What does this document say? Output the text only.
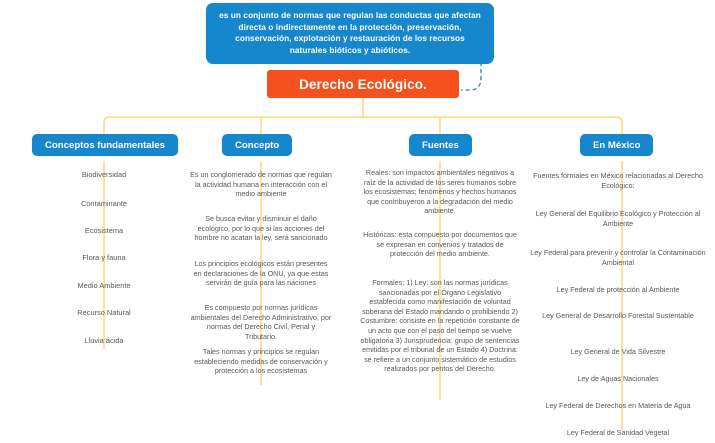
es un conjunto de normas que regulan las conductas que afectan directa o indirectamente en la protección, preservación, conservación, explotación y restauración de los recursos naturales bióticos y abióticos.
Derecho Ecológico.
Conceptos fundamentales	Concepto	Fuentes	En México
Biodiversidad
Contaminante
Ecosistema
Flora y fauna
Medio Ambiente
Recurso Natural
Lluvia ácida
Es un conglomerado de normas que regulan la actividad humana en interacción con el medio ambiente
Se busca evitar y disminuir el daño ecológico, por lo que si las acciones del hombre no acatan la ley, será sancionado
Los principios ecológicos están presentes en declaraciones de la ONU, ya que estas servirán de guía para las naciones
Es compuesto por normas jurídicas ambientales del Derecho Administrativo, por normas del Derecho Civil, Penal y Tributario.
Tales normas y principios se regulan estableciendo medidas de conservación y protección a los ecosistemas
Reales: son impactos ambientales negativos a raíz de la actividad de los seres humanos sobre los ecosistemas; fenómenos y hechos humanos que contribuyeron a la degradación del medio ambiente.
Históricas: esta compuesto por documentos que se expresan en convenios y tratados de protección del medio ambiente.
Formales: 1) Ley: son las normas jurídicas sancionadas por el Órgano Legislativo establecida como manifestación de voluntad soberana del Estado mandando o prohibiendo 2) Costumbre: consiste en la repetición constante de un acto que con el paso del tiempo se vuelve obligatoria 3) Jurisprudencia: grupo de sentencias emitidas por el tribunal de un Estado 4) Doctrina: se refiere a un conjunto sistemático de estudios realizados por peritos del Derecho.
Fuentes formales en México relacionadas al Derecho Ecológico:
Ley General del Equilibrio Ecológico y Protección al Ambiente
Ley Federal para prevenir y controlar la Contaminación Ambiental
Ley Federal de protección al Ambiente
Ley General de Desarrollo Forestal Sustentable
Ley General de Vida Silvestre
Ley de Aguas Nacionales
Ley Federal de Derechos en Materia de Agua
Ley Federal de Sanidad Vegetal
